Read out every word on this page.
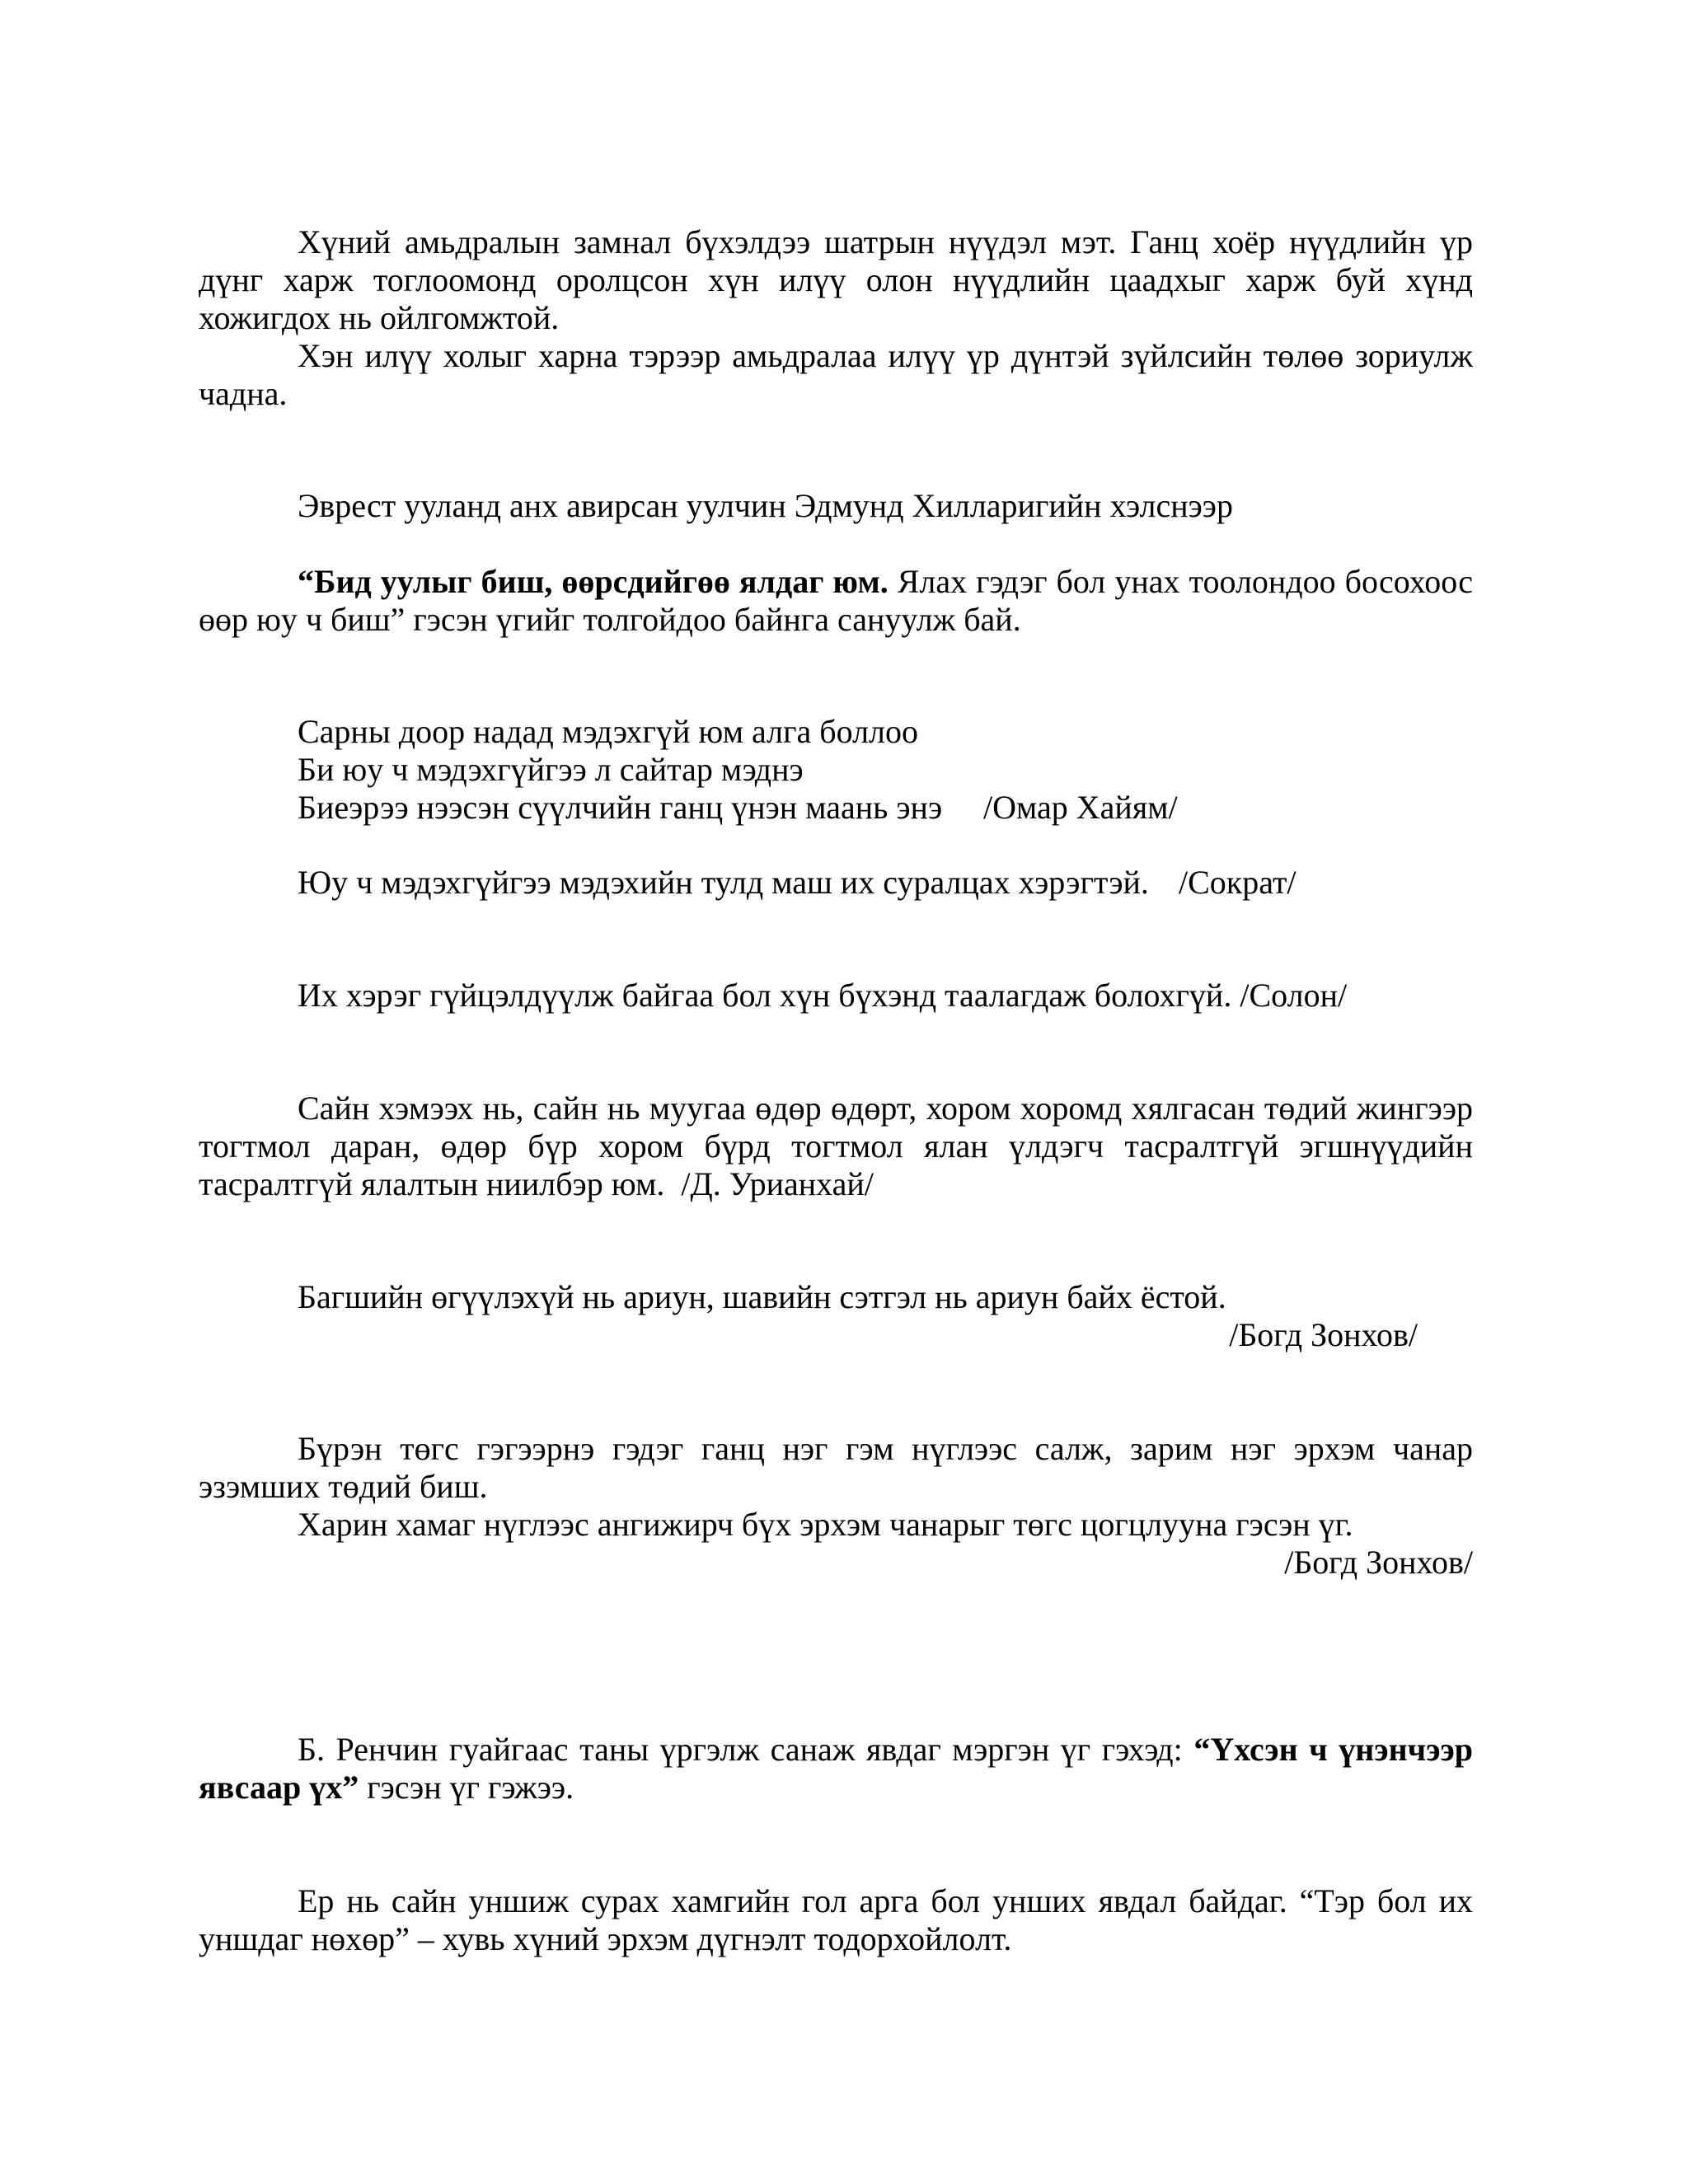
Хүний амьдралын замнал бүхэлдээ шатрын нүүдэл мэт. Ганц хоёр нүүдлийн үр дүнг харж тоглоомонд оролцсон хүн илүү олон нүүдлийн цаадхыг харж буй хүнд хожигдох нь ойлгомжтой.

Хэн илүү холыг харна тэрээр амьдралаа илүү үр дүнтэй зүйлсийн төлөө зориулж чадна.

Эврест ууланд анх авирсан уулчин Эдмунд Хилларигийн хэлснээр

“Бид уулыг биш, өөрсдийгөө ялдаг юм. Ялах гэдэг бол унах тоолондоо босохоос өөр юу ч биш” гэсэн үгийг толгойдоо байнга сануулж бай.

Сарны доор надад мэдэхгүй юм алга боллоо
Би юу ч мэдэхгүйгээ л сайтар мэднэ
Биеэрээ нээсэн сүүлчийн ганц үнэн маань энэ	/Омар Хайям/
Юу ч мэдэхгүйгээ мэдэхийн тулд маш их суралцах хэрэгтэй. /Сократ/
Их хэрэг гүйцэлдүүлж байгаа бол хүн бүхэнд таалагдаж болохгүй. /Солон/

Сайн хэмээх нь, сайн нь муугаа өдөр өдөрт, хором хоромд хялгасан төдий жингээр тогтмол даран, өдөр бүр хором бүрд тогтмол ялан үлдэгч тасралтгүй эгшнүүдийн тасралтгүй ялалтын ниилбэр юм.  /Д. Урианхай/

Багшийн өгүүлэхүй нь ариун, шавийн сэтгэл нь ариун байх ёстой.

/Богд Зонхов/

Бүрэн төгс гэгээрнэ гэдэг ганц нэг гэм нүглээс салж, зарим нэг эрхэм чанар эзэмших төдий биш.

Харин хамаг нүглээс ангижирч бүх эрхэм чанарыг төгс цогцлууна гэсэн үг.

/Богд Зонхов/

Б. Ренчин гуайгаас таны үргэлж санаж явдаг мэргэн үг гэхэд: “Үхсэн ч үнэнчээр явсаар үх” гэсэн үг гэжээ.

Ер нь сайн уншиж сурах хамгийн гол арга бол унших явдал байдаг. “Тэр бол их уншдаг нөхөр” – хувь хүний эрхэм дүгнэлт тодорхойлолт.
